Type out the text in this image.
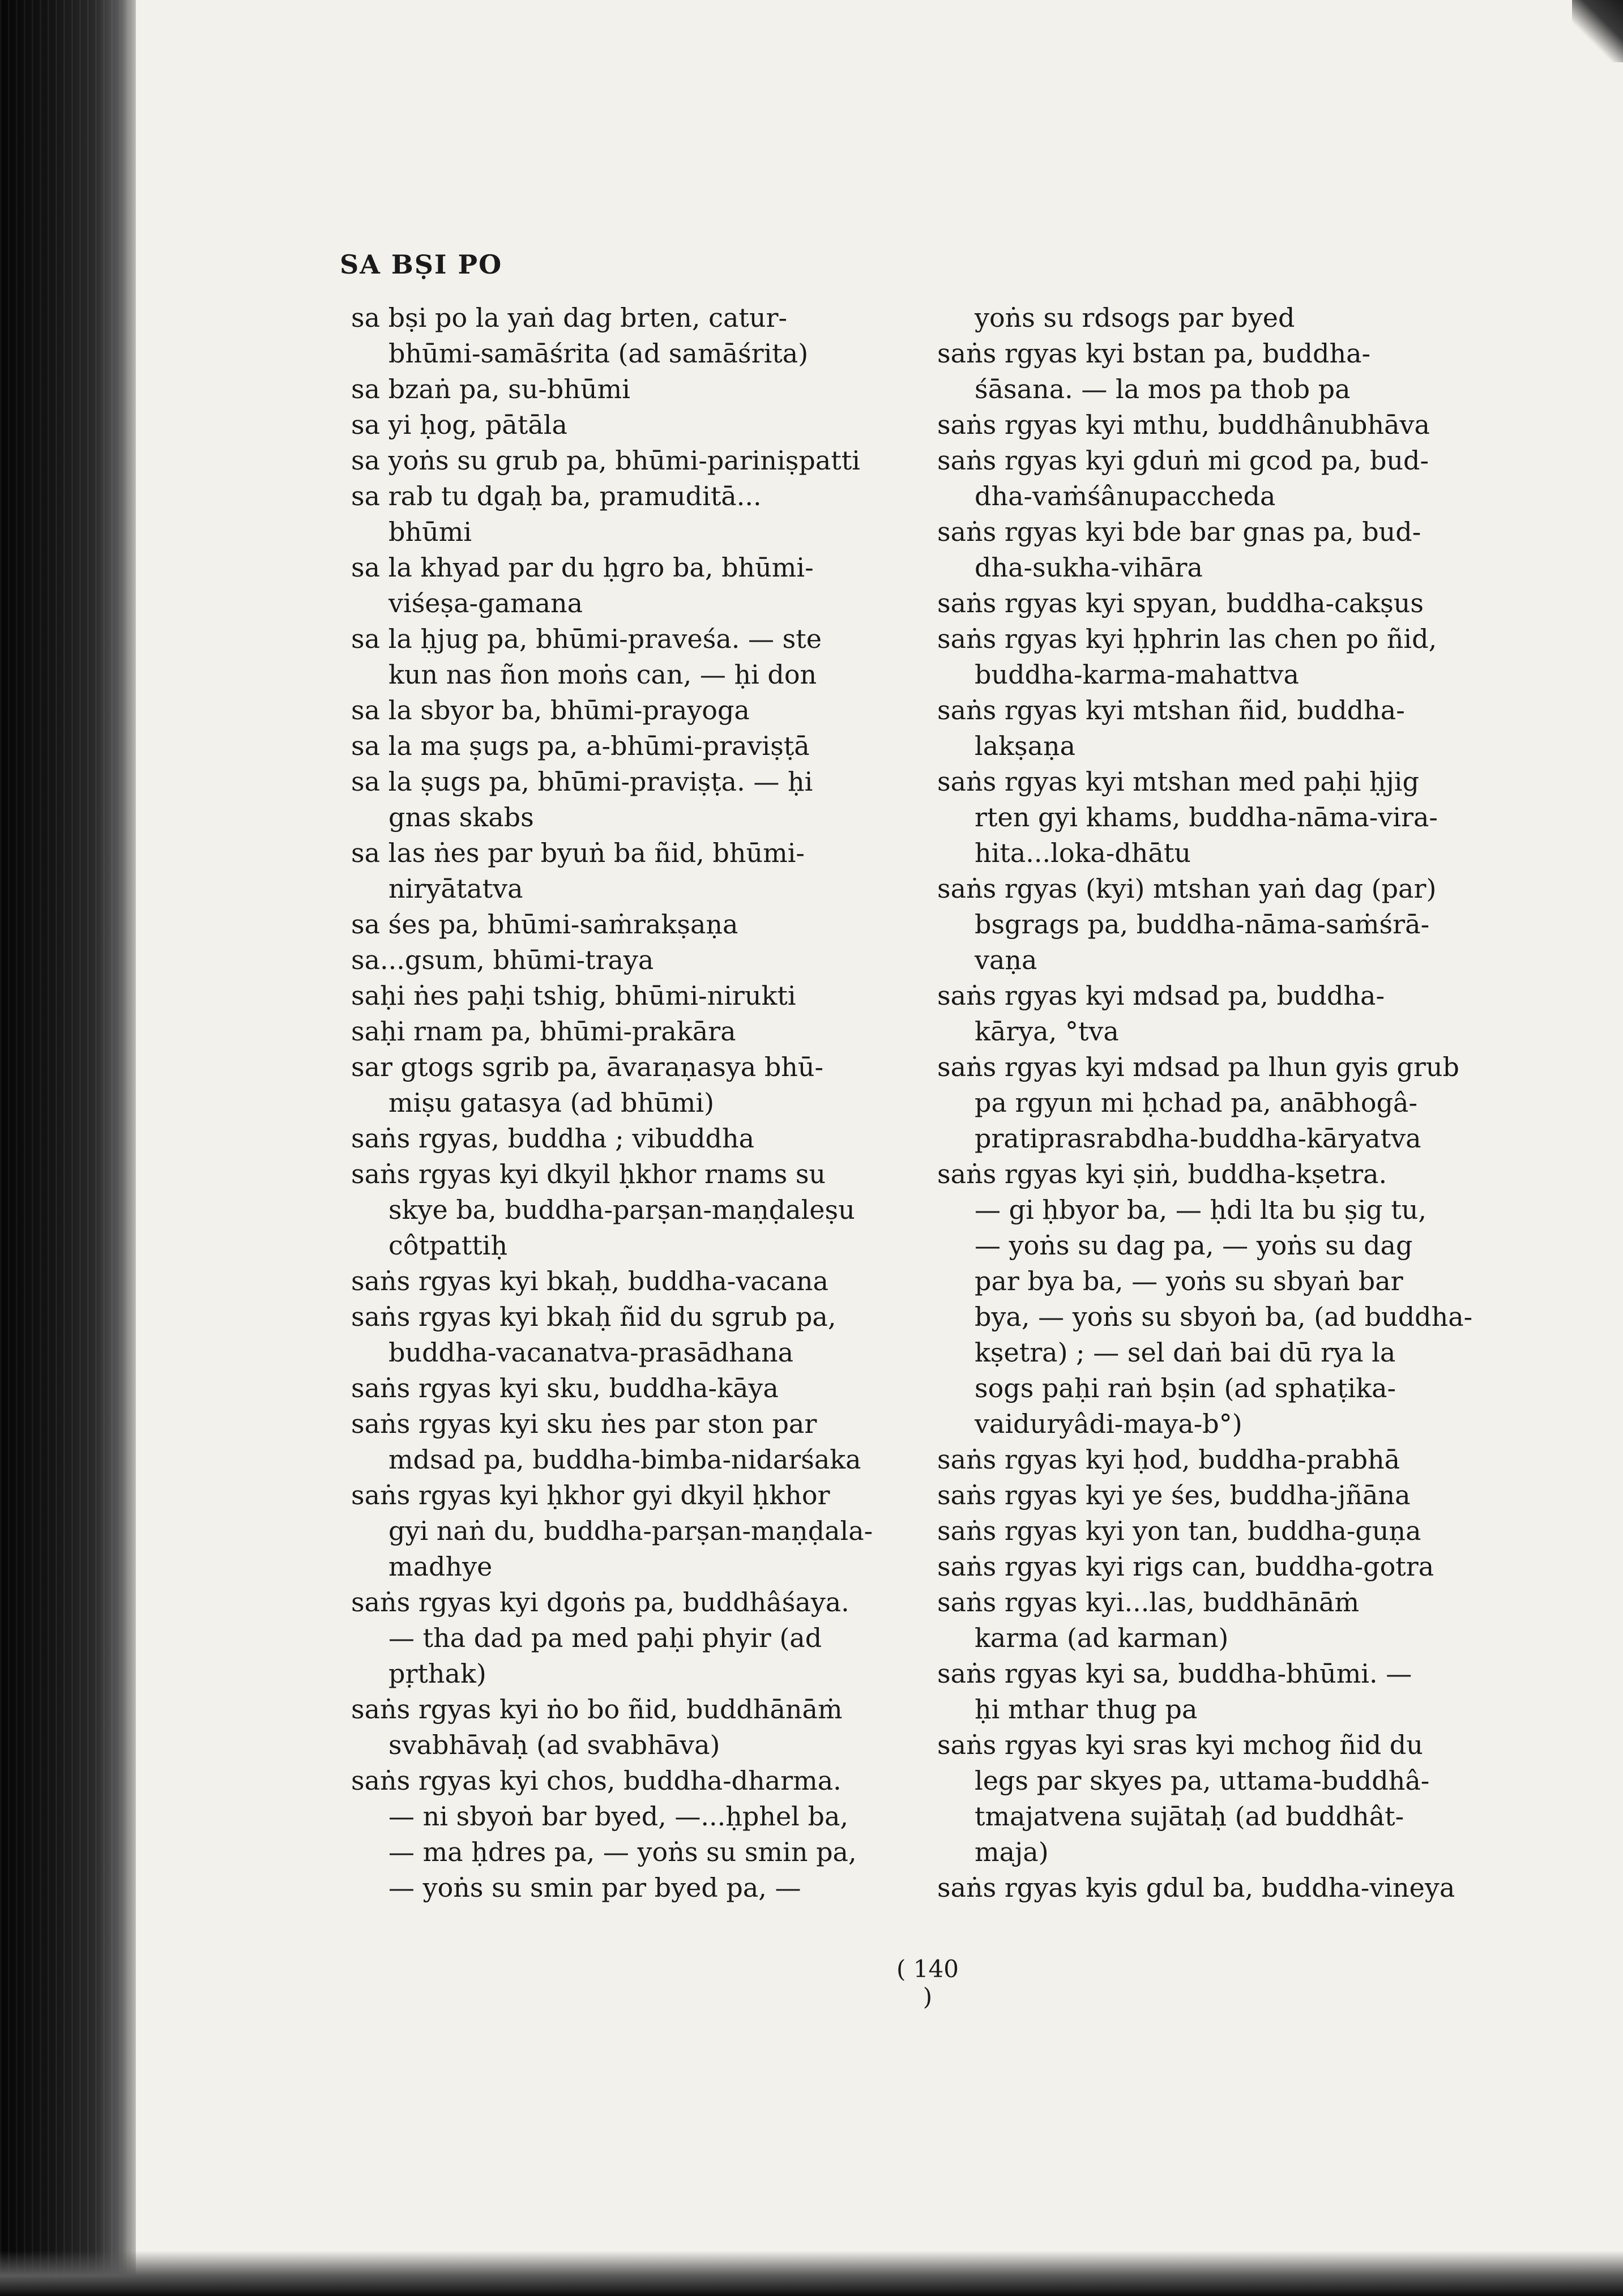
SA BṢI PO

sa bṣi po la yaṅ dag brten, catur-
bhūmi-samāśrita (ad samāśrita)

sa bzaṅ pa, su-bhūmi

sa yi ḥog, pātāla

sa yoṅs su grub pa, bhūmi-pariniṣpatti

sa rab tu dgaḥ ba, pramuditā...
bhūmi

sa la khyad par du ḥgro ba, bhūmi-
viśeṣa-gamana

sa la ḥjug pa, bhūmi-praveśa. — ste
kun nas ñon moṅs can, — ḥi don

sa la sbyor ba, bhūmi-prayoga

sa la ma ṣugs pa, a-bhūmi-praviṣṭā

sa la ṣugs pa, bhūmi-praviṣṭa. — ḥi
gnas skabs

sa las ṅes par byuṅ ba ñid, bhūmi-
niryātatva

sa śes pa, bhūmi-saṁrakṣaṇa

sa...gsum, bhūmi-traya

saḥi ṅes paḥi tshig, bhūmi-nirukti

saḥi rnam pa, bhūmi-prakāra

sar gtogs sgrib pa, āvaraṇasya bhū-
miṣu gatasya (ad bhūmi)

saṅs rgyas, buddha ; vibuddha

saṅs rgyas kyi dkyil ḥkhor rnams su
skye ba, buddha-parṣan-maṇḍaleṣu
côtpattiḥ

saṅs rgyas kyi bkaḥ, buddha-vacana

saṅs rgyas kyi bkaḥ ñid du sgrub pa,
buddha-vacanatva-prasādhana

saṅs rgyas kyi sku, buddha-kāya

saṅs rgyas kyi sku ṅes par ston par
mdsad pa, buddha-bimba-nidarśaka

saṅs rgyas kyi ḥkhor gyi dkyil ḥkhor
gyi naṅ du, buddha-parṣan-maṇḍala-
madhye

saṅs rgyas kyi dgoṅs pa, buddhâśaya.
— tha dad pa med paḥi phyir (ad
pṛthak)

saṅs rgyas kyi ṅo bo ñid, buddhānāṁ
svabhāvaḥ (ad svabhāva)

saṅs rgyas kyi chos, buddha-dharma.
— ni sbyoṅ bar byed, —...ḥphel ba,
— ma ḥdres pa, — yoṅs su smin pa,
— yoṅs su smin par byed pa, —

yoṅs su rdsogs par byed

saṅs rgyas kyi bstan pa, buddha-
śāsana. — la mos pa thob pa

saṅs rgyas kyi mthu, buddhânubhāva

saṅs rgyas kyi gduṅ mi gcod pa, bud-
dha-vaṁśânupaccheda

saṅs rgyas kyi bde bar gnas pa, bud-
dha-sukha-vihāra

saṅs rgyas kyi spyan, buddha-cakṣus

saṅs rgyas kyi ḥphrin las chen po ñid,
buddha-karma-mahattva

saṅs rgyas kyi mtshan ñid, buddha-
lakṣaṇa

saṅs rgyas kyi mtshan med paḥi ḥjig
rten gyi khams, buddha-nāma-vira-
hita...loka-dhātu

saṅs rgyas (kyi) mtshan yaṅ dag (par)
bsgrags pa, buddha-nāma-saṁśrā-
vaṇa

saṅs rgyas kyi mdsad pa, buddha-
kārya, °tva

saṅs rgyas kyi mdsad pa lhun gyis grub
pa rgyun mi ḥchad pa, anābhogâ-
pratiprasrabdha-buddha-kāryatva

saṅs rgyas kyi ṣiṅ, buddha-kṣetra.
— gi ḥbyor ba, — ḥdi lta bu ṣig tu,
— yoṅs su dag pa, — yoṅs su dag
par bya ba, — yoṅs su sbyaṅ bar
bya, — yoṅs su sbyoṅ ba, (ad buddha-
kṣetra) ; — sel daṅ bai dū rya la
sogs paḥi raṅ bṣin (ad sphaṭika-
vaiduryâdi-maya-b°)

saṅs rgyas kyi ḥod, buddha-prabhā

saṅs rgyas kyi ye śes, buddha-jñāna

saṅs rgyas kyi yon tan, buddha-guṇa

saṅs rgyas kyi rigs can, buddha-gotra

saṅs rgyas kyi...las, buddhānāṁ
karma (ad karman)

saṅs rgyas kyi sa, buddha-bhūmi. —
ḥi mthar thug pa

saṅs rgyas kyi sras kyi mchog ñid du
legs par skyes pa, uttama-buddhâ-
tmajatvena sujātaḥ (ad buddhât-
maja)

saṅs rgyas kyis gdul ba, buddha-vineya

( 140 )
